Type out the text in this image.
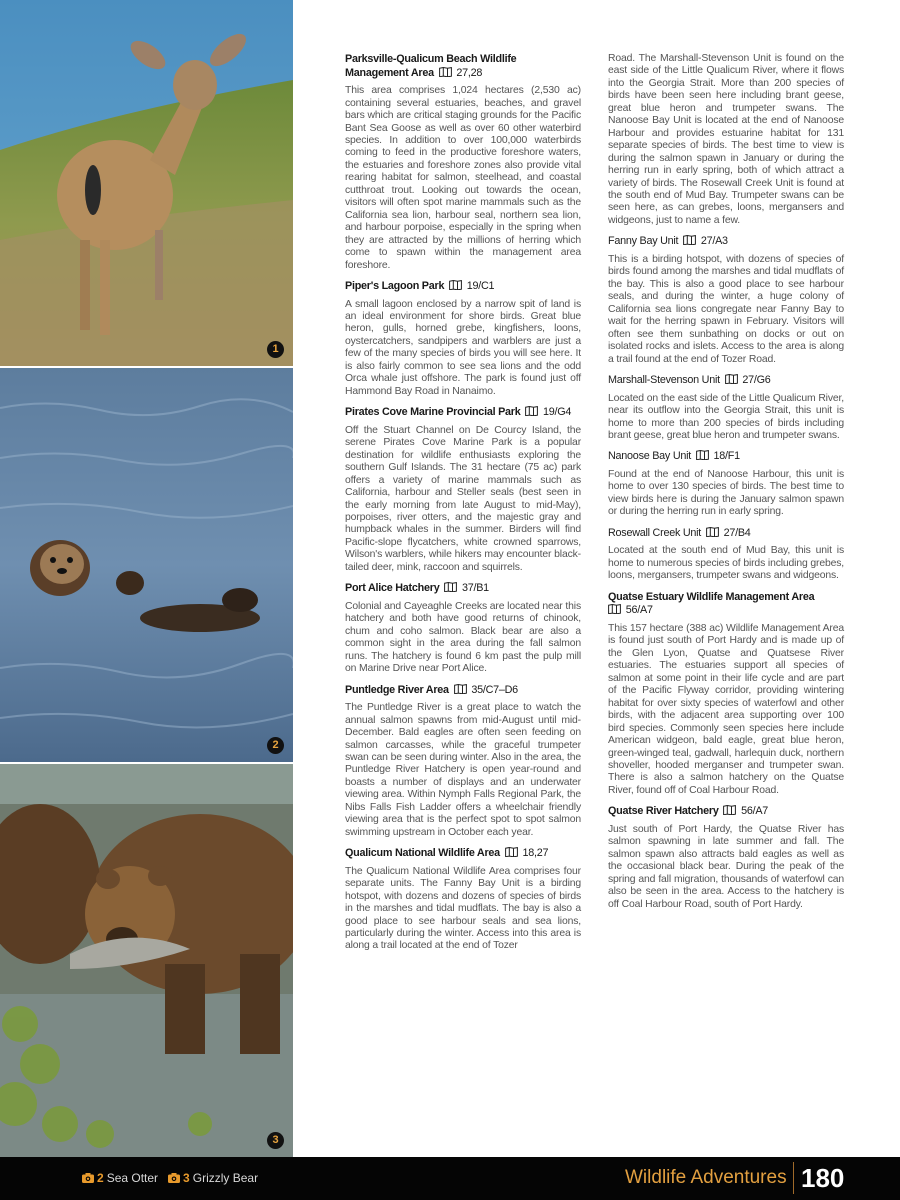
1
2
3
Parksville-Qualicum Beach Wildlife Management Area 27,28

This area comprises 1,024 hectares (2,530 ac) containing several estuaries, beaches, and gravel bars which are critical staging grounds for the Pacific Bant Sea Goose as well as over 60 other waterbird species. In addition to over 100,000 waterbirds coming to feed in the productive foreshore waters, the estuaries and foreshore zones also provide vital rearing habitat for salmon, steelhead, and coastal cutthroat trout. Looking out towards the ocean, visitors will often spot marine mammals such as the California sea lion, harbour seal, northern sea lion, and harbour porpoise, especially in the spring when they are attracted by the millions of herring which come to spawn within the management area foreshore.

Piper's Lagoon Park 19/C1

A small lagoon enclosed by a narrow spit of land is an ideal environment for shore birds. Great blue heron, gulls, horned grebe, kingfishers, loons, oystercatchers, sandpipers and warblers are just a few of the many species of birds you will see here. It is also fairly common to see sea lions and the odd Orca whale just offshore. The park is found just off Hammond Bay Road in Nanaimo.

Pirates Cove Marine Provincial Park 19/G4

Off the Stuart Channel on De Courcy Island, the serene Pirates Cove Marine Park is a popular destination for wildlife enthusiasts exploring the southern Gulf Islands. The 31 hectare (75 ac) park offers a variety of marine mammals such as California, harbour and Steller seals (best seen in the early morning from late August to mid-May), porpoises, river otters, and the majestic gray and humpback whales in the summer. Birders will find Pacific-slope flycatchers, white crowned sparrows, Wilson's warblers, while hikers may encounter black-tailed deer, mink, raccoon and squirrels.

Port Alice Hatchery 37/B1

Colonial and Cayeaghle Creeks are located near this hatchery and both have good returns of chinook, chum and coho salmon. Black bear are also a common sight in the area during the fall salmon runs. The hatchery is found 6 km past the pulp mill on Marine Drive near Port Alice.

Puntledge River Area 35/C7–D6

The Puntledge River is a great place to watch the annual salmon spawns from mid-August until mid-December. Bald eagles are often seen feeding on salmon carcasses, while the graceful trumpeter swan can be seen during winter. Also in the area, the Puntledge River Hatchery is open year-round and boasts a number of displays and an underwater viewing area. Within Nymph Falls Regional Park, the Nibs Falls Fish Ladder offers a wheelchair friendly viewing area that is the perfect spot to spot salmon swimming upstream in October each year.

Qualicum National Wildlife Area 18,27

The Qualicum National Wildlife Area comprises four separate units. The Fanny Bay Unit is a birding hotspot, with dozens and dozens of species of birds in the marshes and tidal mudflats. The bay is also a good place to see harbour seals and sea lions, particularly during the winter. Access into this area is along a trail located at the end of Tozer

Road. The Marshall-Stevenson Unit is found on the east side of the Little Qualicum River, where it flows into the Georgia Strait. More than 200 species of birds have been seen here including brant geese, great blue heron and trumpeter swans. The Nanoose Bay Unit is located at the end of Nanoose Harbour and provides estuarine habitat for 131 separate species of birds. The best time to view is during the salmon spawn in January or during the herring run in early spring, both of which attract a variety of birds. The Rosewall Creek Unit is found at the south end of Mud Bay. Trumpeter swans can be seen here, as can grebes, loons, mergansers and widgeons, just to name a few.

Fanny Bay Unit 27/A3

This is a birding hotspot, with dozens of species of birds found among the marshes and tidal mudflats of the bay. This is also a good place to see harbour seals, and during the winter, a huge colony of California sea lions congregate near Fanny Bay to wait for the herring spawn in February. Visitors will often see them sunbathing on docks or out on isolated rocks and islets. Access to the area is along a trail found at the end of Tozer Road.

Marshall-Stevenson Unit 27/G6

Located on the east side of the Little Qualicum River, near its outflow into the Georgia Strait, this unit is home to more than 200 species of birds including brant geese, great blue heron and trumpeter swans.

Nanoose Bay Unit 18/F1

Found at the end of Nanoose Harbour, this unit is home to over 130 species of birds. The best time to view birds here is during the January salmon spawn or during the herring run in early spring.

Rosewall Creek Unit 27/B4

Located at the south end of Mud Bay, this unit is home to numerous species of birds including grebes, loons, mergansers, trumpeter swans and widgeons.

Quatse Estuary Wildlife Management Area
56/A7

This 157 hectare (388 ac) Wildlife Management Area is found just south of Port Hardy and is made up of the Glen Lyon, Quatse and Quatsese River estuaries. The estuaries support all species of salmon at some point in their life cycle and are part of the Pacific Flyway corridor, providing wintering habitat for over sixty species of waterfowl and other birds, with the adjacent area supporting over 100 bird species. Commonly seen species here include American widgeon, bald eagle, great blue heron, green-winged teal, gadwall, harlequin duck, northern shoveller, hooded merganser and trumpeter swan. There is also a salmon hatchery on the Quatse River, found off of Coal Harbour Road.

Quatse River Hatchery 56/A7

Just south of Port Hardy, the Quatse River has salmon spawning in late summer and fall. The salmon spawn also attracts bald eagles as well as the occasional black bear. During the peak of the spring and fall migration, thousands of waterfowl can also be seen in the area. Access to the hatchery is off Coal Harbour Road, south of Port Hardy.

2 Sea Otter 3 Grizzly Bear	Wildlife Adventures 180
